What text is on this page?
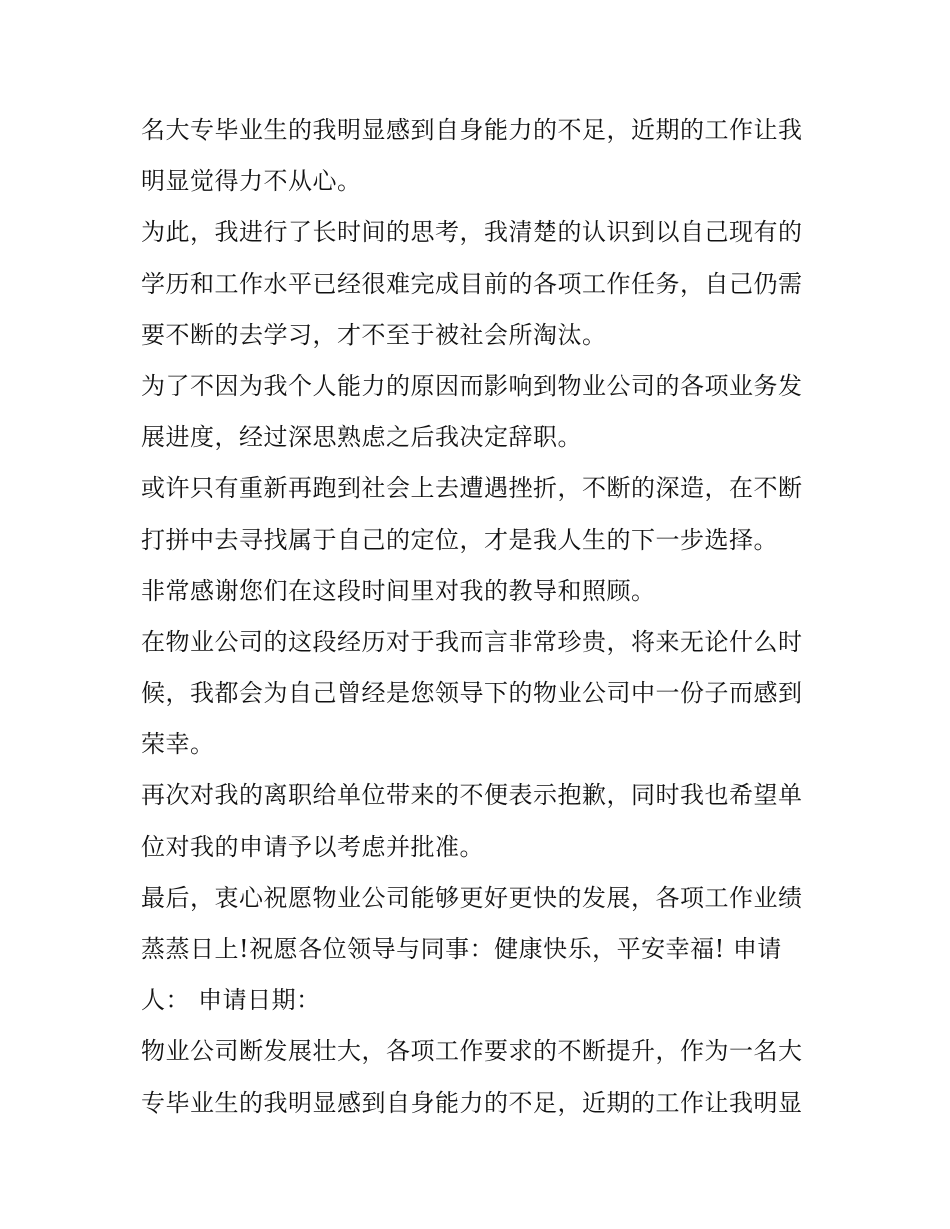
名大专毕业生的我明显感到自身能力的不足，近期的工作让我
明显觉得力不从心。
为此，我进行了长时间的思考，我清楚的认识到以自己现有的
学历和工作水平已经很难完成目前的各项工作任务，自己仍需
要不断的去学习，才不至于被社会所淘汰。
为了不因为我个人能力的原因而影响到物业公司的各项业务发
展进度，经过深思熟虑之后我决定辞职。
或许只有重新再跑到社会上去遭遇挫折，不断的深造，在不断
打拼中去寻找属于自己的定位，才是我人生的下一步选择。
非常感谢您们在这段时间里对我的教导和照顾。
在物业公司的这段经历对于我而言非常珍贵，将来无论什么时
候，我都会为自己曾经是您领导下的物业公司中一份子而感到
荣幸。
再次对我的离职给单位带来的不便表示抱歉，同时我也希望单
位对我的申请予以考虑并批准。
最后，衷心祝愿物业公司能够更好更快的发展，各项工作业绩
蒸蒸日上!祝愿各位领导与同事：健康快乐，平安幸福! 申请
人： 申请日期：
物业公司断发展壮大，各项工作要求的不断提升，作为一名大
专毕业生的我明显感到自身能力的不足，近期的工作让我明显
